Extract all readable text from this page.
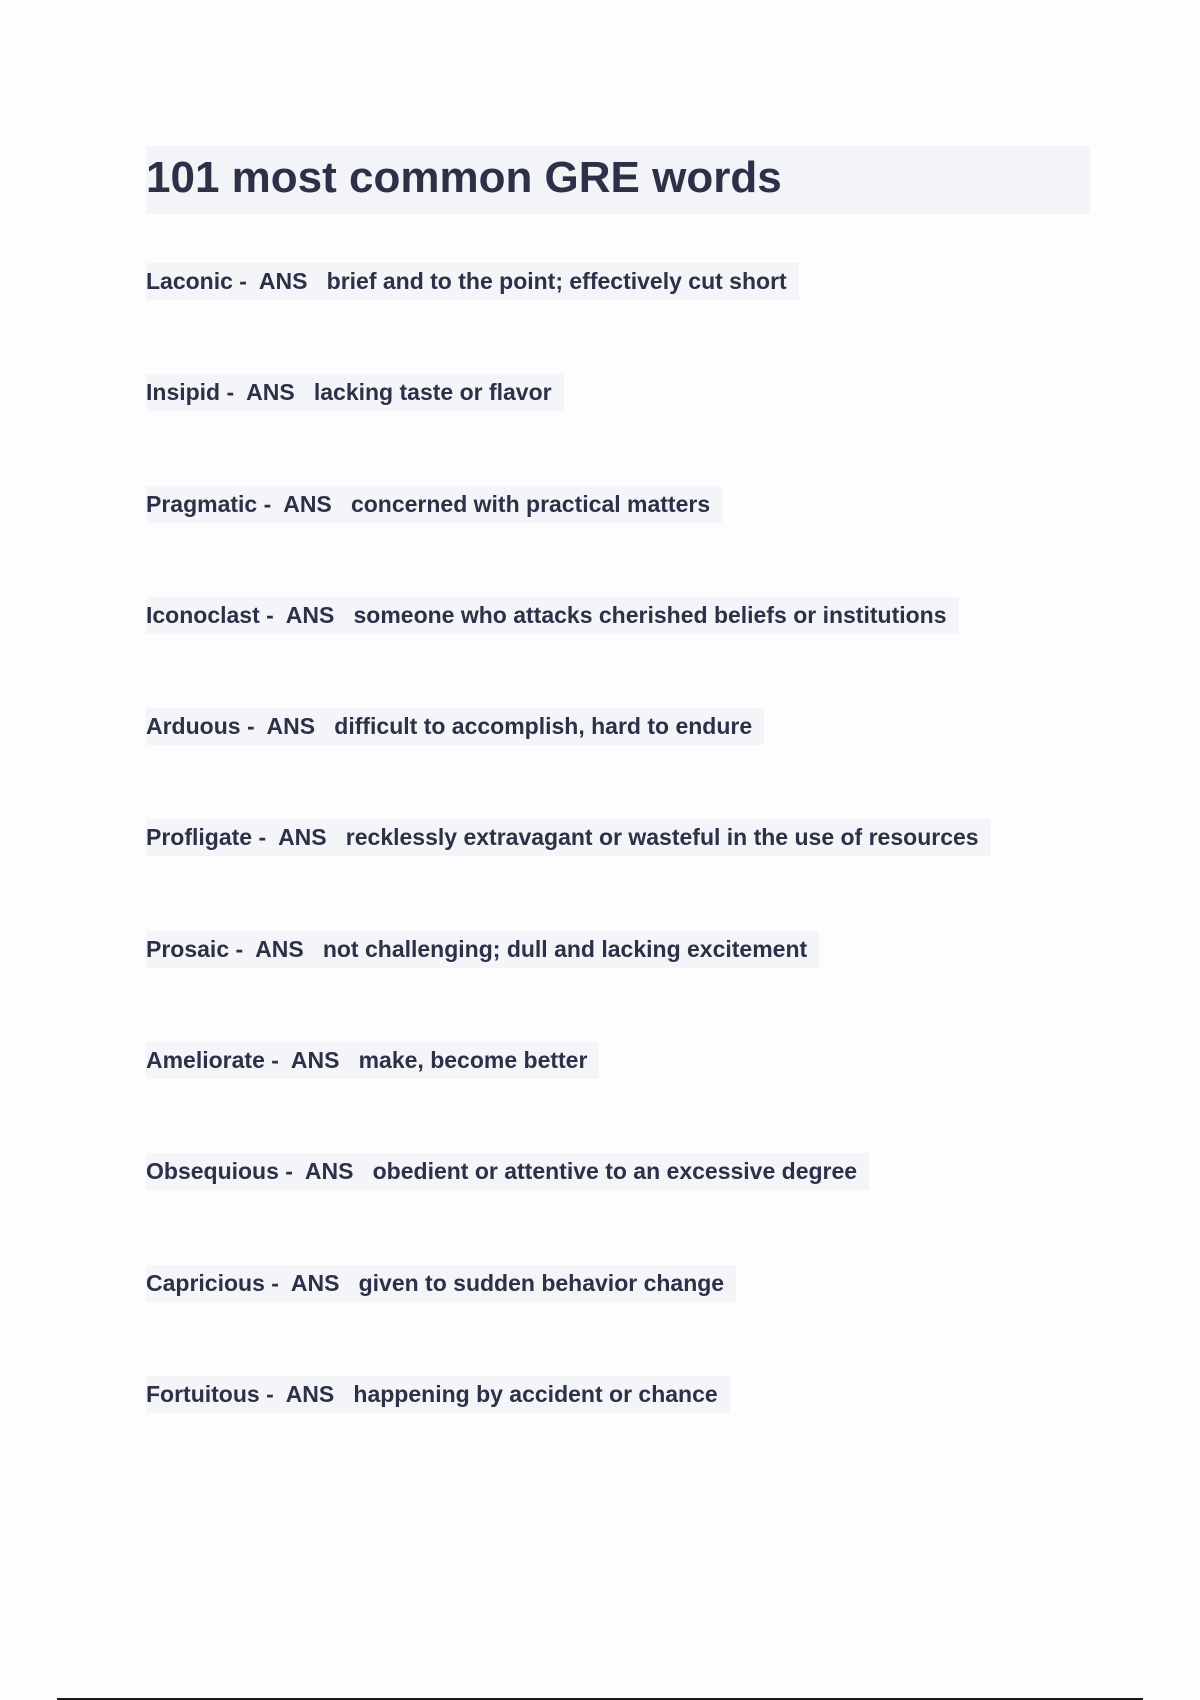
101 most common GRE words
Laconic -  ANS brief and to the point; effectively cut short
Insipid -  ANS lacking taste or flavor
Pragmatic -  ANS concerned with practical matters
Iconoclast -  ANS someone who attacks cherished beliefs or institutions
Arduous -  ANS difficult to accomplish, hard to endure
Profligate -  ANS recklessly extravagant or wasteful in the use of resources
Prosaic -  ANS not challenging; dull and lacking excitement
Ameliorate -  ANS make, become better
Obsequious -  ANS obedient or attentive to an excessive degree
Capricious -  ANS given to sudden behavior change
Fortuitous -  ANS happening by accident or chance
